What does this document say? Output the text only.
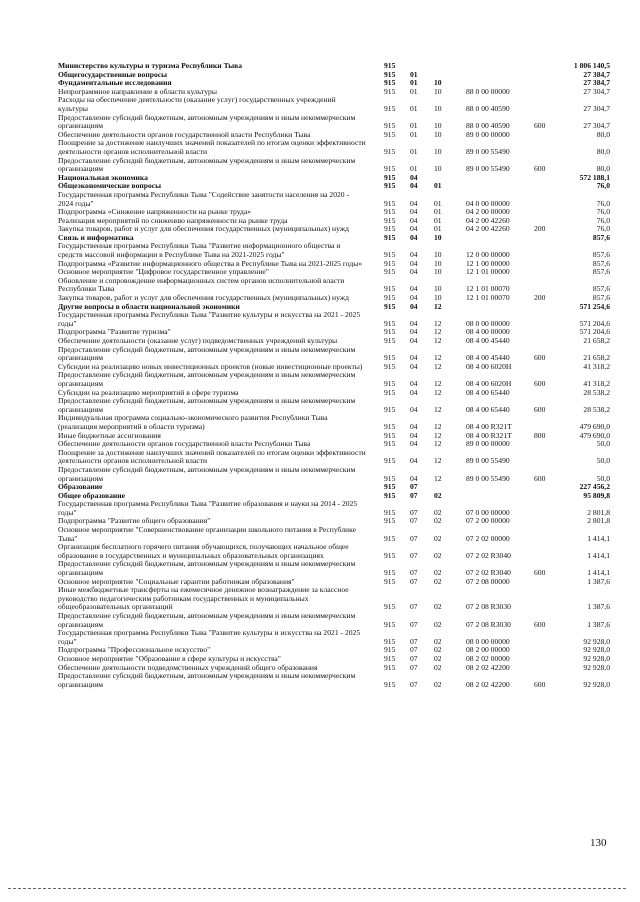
Министерство культуры и туризма Республики Тыва	915	1 806 140,5
Общегосударственные вопросы	915 01	27 384,7
Фундаментальные исследования	915 01 10	27 384,7
Непрограммное направление в области культуры	915 01 10	88 0 00 00000	27 304,7
Расходы на обеспечение деятельности (оказание услуг) государственных учреждений культуры	915 01 10	88 0 00 40590	27 304,7
Предоставление субсидий бюджетным, автономным учреждениям и иным некоммерческим организациям	915 01 10	88 0 00 40590	600	27 304,7
Обеспечение деятельности органов государственной власти Республики Тыва	915 01 10	89 0 00 00000	80,0
Поощрение за достижение наилучших значений показателей по итогам оценки эффективности деятельности органов исполнительной власти	915 01 10	89 0 00 55490	80,0
Предоставление субсидий бюджетным, автономным учреждениям и иным некоммерческим организациям	915 01 10	89 0 00 55490	600	80,0
Национальная экономика	915 04	572 188,1
Общеэкономические вопросы	915 04 01	76,0
Государственная программа Республики Тыва "Содействие занятости населения на 2020 - 2024 годы"	915 04 01	04 0 00 00000	76,0
Подпрограмма «Снижение напряженности на рынке труда»	915 04 01	04 2 00 00000	76,0
Реализация мероприятий по снижению напряженности на рынке труда	915 04 01	04 2 00 42260	76,0
Закупка товаров, работ и услуг для обеспечения государственных (муниципальных) нужд	915 04 01	04 2 00 42260	200	76,0
Связь и информатика	915 04 10	857,6
Государственная программа Республики Тыва "Развитие информационного общества и средств массовой информации в Республике Тыва на 2021-2025 годы"	915 04 10	12 0 00 00000	857,6
Подпрограмма «Развитие информационного общества в Республике Тыва на 2021-2025 годы»	915 04 10	12 1 00 00000	857,6
Основное мероприятие "Цифровое государственное управление"	915 04 10	12 1 01 00000	857,6
Обновление и сопровождение информационных систем органов исполнительной власти Республики Тыва	915 04 10	12 1 01 00070	857,6
Закупка товаров, работ и услуг для обеспечения государственных (муниципальных) нужд	915 04 10	12 1 01 00070	200	857,6
Другие вопросы в области национальной экономики	915 04 12	571 254,6
Государственная программа Республики Тыва "Развитие культуры и искусства на 2021 - 2025 годы"	915 04 12	08 0 00 00000	571 204,6
Подпрограмма "Развитие туризма"	915 04 12	08 4 00 00000	571 204,6
Обеспечение деятельности (оказание услуг) подведомственных учреждений культуры	915 04 12	08 4 00 45440	21 658,2
Предоставление субсидий бюджетным, автономным учреждениям и иным некоммерческим организациям	915 04 12	08 4 00 45440	600	21 658,2
Субсидии на реализацию новых инвестиционных проектов (новые инвестиционные проекты)	915 04 12	08 4 00 6020H	41 318,2
Предоставление субсидий бюджетным, автономным учреждениям и иным некоммерческим организациям	915 04 12	08 4 00 6020H	600	41 318,2
Субсидии на реализацию мероприятий в сфере туризма	915 04 12	08 4 00 65440	28 538,2
Предоставление субсидий бюджетным, автономным учреждениям и иным некоммерческим организациям	915 04 12	08 4 00 65440	600	28 538,2
Индивидуальная программа социально-экономического развития Республики Тыва (реализация мероприятий в области туризма)	915 04 12	08 4 00 R321T	479 690,0
Иные бюджетные ассигнования	915 04 12	08 4 00 R321T	800	479 690,0
Обеспечение деятельности органов государственной власти Республики Тыва	915 04 12	89 0 00 00000	50,0
Поощрение за достижение наилучших значений показателей по итогам оценки эффективности деятельности органов исполнительной власти	915 04 12	89 0 00 55490	50,0
Предоставление субсидий бюджетным, автономным учреждениям и иным некоммерческим организациям	915 04 12	89 0 00 55490	600	50,0
Образование	915 07	227 456,2
Общее образование	915 07 02	95 809,8
Государственная программа Республики Тыва "Развитие образования и науки на 2014 - 2025 годы"	915 07 02	07 0 00 00000	2 801,8
Подпрограмма "Развитие общего образования"	915 07 02	07 2 00 00000	2 801,8
Основное мероприятие "Совершенствование организации школьного питания в Республике Тыва"	915 07 02	07 2 02 00000	1 414,1
Организация бесплатного горячего питания обучающихся, получающих начальное общее образование в государственных и муниципальных образовательных организациях	915 07 02	07 2 02 R3040	1 414,1
Предоставление субсидий бюджетным, автономным учреждениям и иным некоммерческим организациям	915 07 02	07 2 02 R3040	600	1 414,1
Основное мероприятие "Социальные гарантии работникам образования"	915 07 02	07 2 08 00000	1 387,6
Иные межбюджетные трансферты на ежемесячное денежное вознаграждение за классное руководство педагогическим работникам государственных и муниципальных общеобразовательных организаций	915 07 02	07 2 08 R3030	1 387,6
Предоставление субсидий бюджетным, автономным учреждениям и иным некоммерческим организациям	915 07 02	07 2 08 R3030	600	1 387,6
Государственная программа Республики Тыва "Развитие культуры и искусства на 2021 - 2025 годы"	915 07 02	08 0 00 00000	92 928,0
Подпрограмма "Профессиональное искусство"	915 07 02	08 2 00 00000	92 928,0
Основное мероприятие "Образование в сфере культуры и искусства"	915 07 02	08 2 02 00000	92 928,0
Обеспечение деятельности подведомственных учреждений общего образования	915 07 02	08 2 02 42200	92 928,0
Предоставление субсидий бюджетным, автономным учреждениям и иным некоммерческим организациям	915 07 02	08 2 02 42200	600	92 928,0
130
